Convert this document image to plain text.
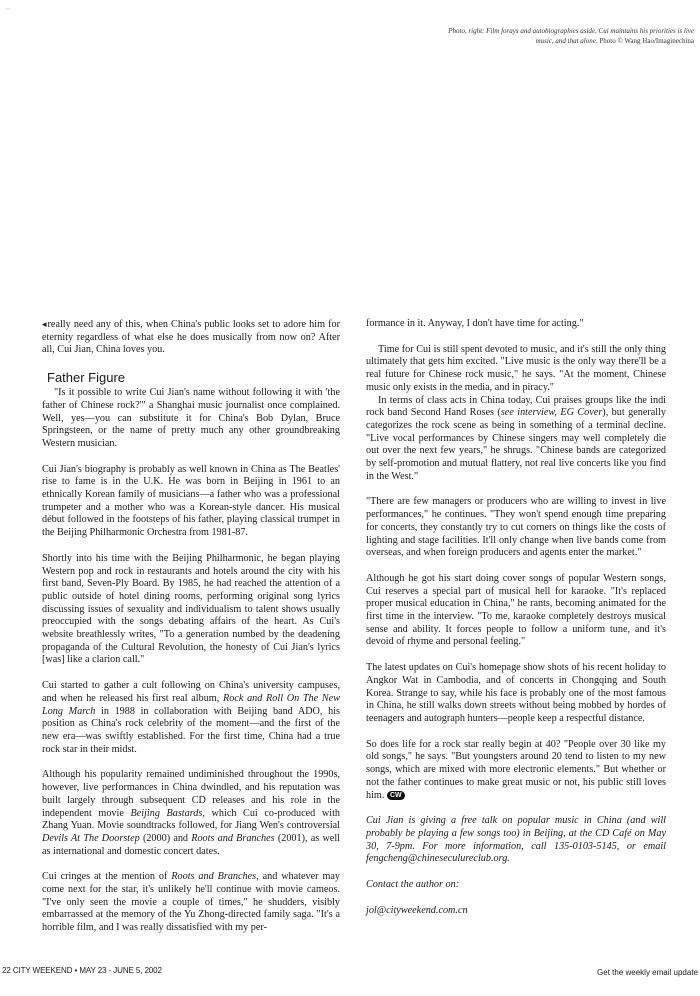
⌐
Photo, right: Film forays and autobiographies aside, Cui maintains his priorities is live music, and that alone. Photo © Wang Hao/Imaginechina

◂really need any of this, when China's public looks set to adore him for eternity regardless of what else he does musically from now on? After all, Cui Jian, China loves you.

Father Figure

"Is it possible to write Cui Jian's name without following it with 'the father of Chinese rock?'" a Shanghai music journalist once complained. Well, yes—you can substitute it for China's Bob Dylan, Bruce Springsteen, or the name of pretty much any other groundbreaking Western musician.

Cui Jian's biography is probably as well known in China as The Beatles' rise to fame is in the U.K. He was born in Beijing in 1961 to an ethnically Korean family of musicians—a father who was a professional trumpeter and a mother who was a Korean-style dancer. His musical début followed in the footsteps of his father, playing classical trumpet in the Beijing Philharmonic Orchestra from 1981-87.

Shortly into his time with the Beijing Philharmonic, he began playing Western pop and rock in restaurants and hotels around the city with his first band, Seven-Ply Board. By 1985, he had reached the attention of a public outside of hotel dining rooms, performing original song lyrics discussing issues of sexuality and individualism to talent shows usually preoccupied with the songs debating affairs of the heart. As Cui's website breathlessly writes, "To a generation numbed by the deadening propaganda of the Cultural Revolution, the honesty of Cui Jian's lyrics [was] like a clarion call."

Cui started to gather a cult following on China's university campuses, and when he released his first real album, Rock and Roll On The New Long March in 1988 in collaboration with Beijing band ADO, his position as China's rock celebrity of the moment—and the first of the new era—was swiftly established. For the first time, China had a true rock star in their midst.

Although his popularity remained undiminished throughout the 1990s, however, live performances in China dwindled, and his reputation was built largely through subsequent CD releases and his role in the independent movie Beijing Bastards, which Cui co-produced with Zhang Yuan. Movie soundtracks followed, for Jiang Wen's controversial Devils At The Doorstep (2000) and Roots and Branches (2001), as well as international and domestic concert dates.

Cui cringes at the mention of Roots and Branches, and whatever may come next for the star, it's unlikely he'll continue with movie cameos. "I've only seen the movie a couple of times," he shudders, visibly embarrassed at the memory of the Yu Zhong-directed family saga. "It's a horrible film, and I was really dissatisfied with my per-

formance in it. Anyway, I don't have time for acting."

Time for Cui is still spent devoted to music, and it's still the only thing ultimately that gets him excited. "Live music is the only way there'll be a real future for Chinese rock music," he says. "At the moment, Chinese music only exists in the media, and in piracy."

In terms of class acts in China today, Cui praises groups like the indi rock band Second Hand Roses (see interview, EG Cover), but generally categorizes the rock scene as being in something of a terminal decline. "Live vocal performances by Chinese singers may well completely die out over the next few years," he shrugs. "Chinese bands are categorized by self-promotion and mutual flattery, not real live concerts like you find in the West."

"There are few managers or producers who are willing to invest in live performances," he continues. "They won't spend enough time preparing for concerts, they constantly try to cut corners on things like the costs of lighting and stage facilities. It'll only change when live bands come from overseas, and when foreign producers and agents enter the market."

Although he got his start doing cover songs of popular Western songs, Cui reserves a special part of musical hell for karaoke. "It's replaced proper musical education in China," he rants, becoming animated for the first time in the interview. "To me, karaoke completely destroys musical sense and ability. It forces people to follow a uniform tune, and it's devoid of rhyme and personal feeling."

The latest updates on Cui's homepage show shots of his recent holiday to Angkor Wat in Cambodia, and of concerts in Chongqing and South Korea. Strange to say, while his face is probably one of the most famous in China, he still walks down streets without being mobbed by hordes of teenagers and autograph hunters—people keep a respectful distance.

So does life for a rock star really begin at 40? "People over 30 like my old songs," he says. "But youngsters around 20 tend to listen to my new songs, which are mixed with more electronic elements." But whether or not the father continues to make great music or not, his public still loves him. CW

Cui Jian is giving a free talk on popular music in China (and will probably be playing a few songs too) in Beijing, at the CD Café on May 30, 7-9pm. For more information, call 135-0103-5145, or email fengcheng@chineseculureclub.org.

Contact the author on:

jol@cityweekend.com.cn

22 CITY WEEKEND • MAY 23 - JUNE 5, 2002	Get the weekly email update
